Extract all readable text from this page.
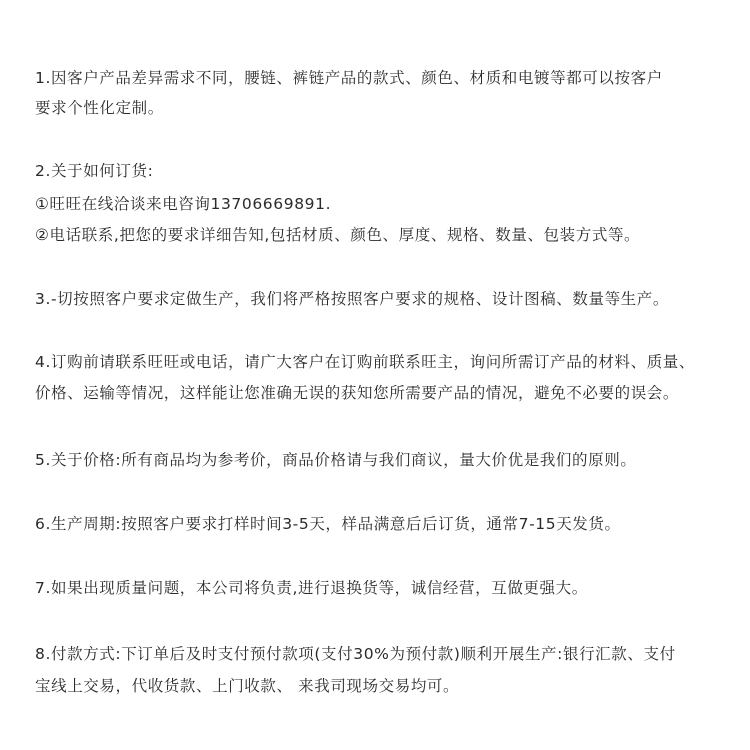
1.因客户产品差异需求不同，腰链、裤链产品的款式、颜色、材质和电镀等都可以按客户
要求个性化定制。
2.关于如何订货:
①旺旺在线洽谈来电咨询13706669891.
②电话联系,把您的要求详细告知,包括材质、颜色、厚度、规格、数量、包装方式等。
3.-切按照客户要求定做生产，我们将严格按照客户要求的规格、设计图稿、数量等生产。
4.订购前请联系旺旺或电话，请广大客户在订购前联系旺主，询问所需订产品的材料、质量、
价格、运输等情况，这样能让您准确无误的获知您所需要产品的情况，避免不必要的误会。
5.关于价格:所有商品均为参考价，商品价格请与我们商议，量大价优是我们的原则。
6.生产周期:按照客户要求打样时间3-5天，样品满意后后订货，通常7-15天发货。
7.如果出现质量问题，本公司将负责,进行退换货等，诚信经营，互做更强大。
8.付款方式:下订单后及时支付预付款项(支付30%为预付款)顺利开展生产:银行汇款、支付
宝线上交易，代收货款、上门收款、 来我司现场交易均可。
